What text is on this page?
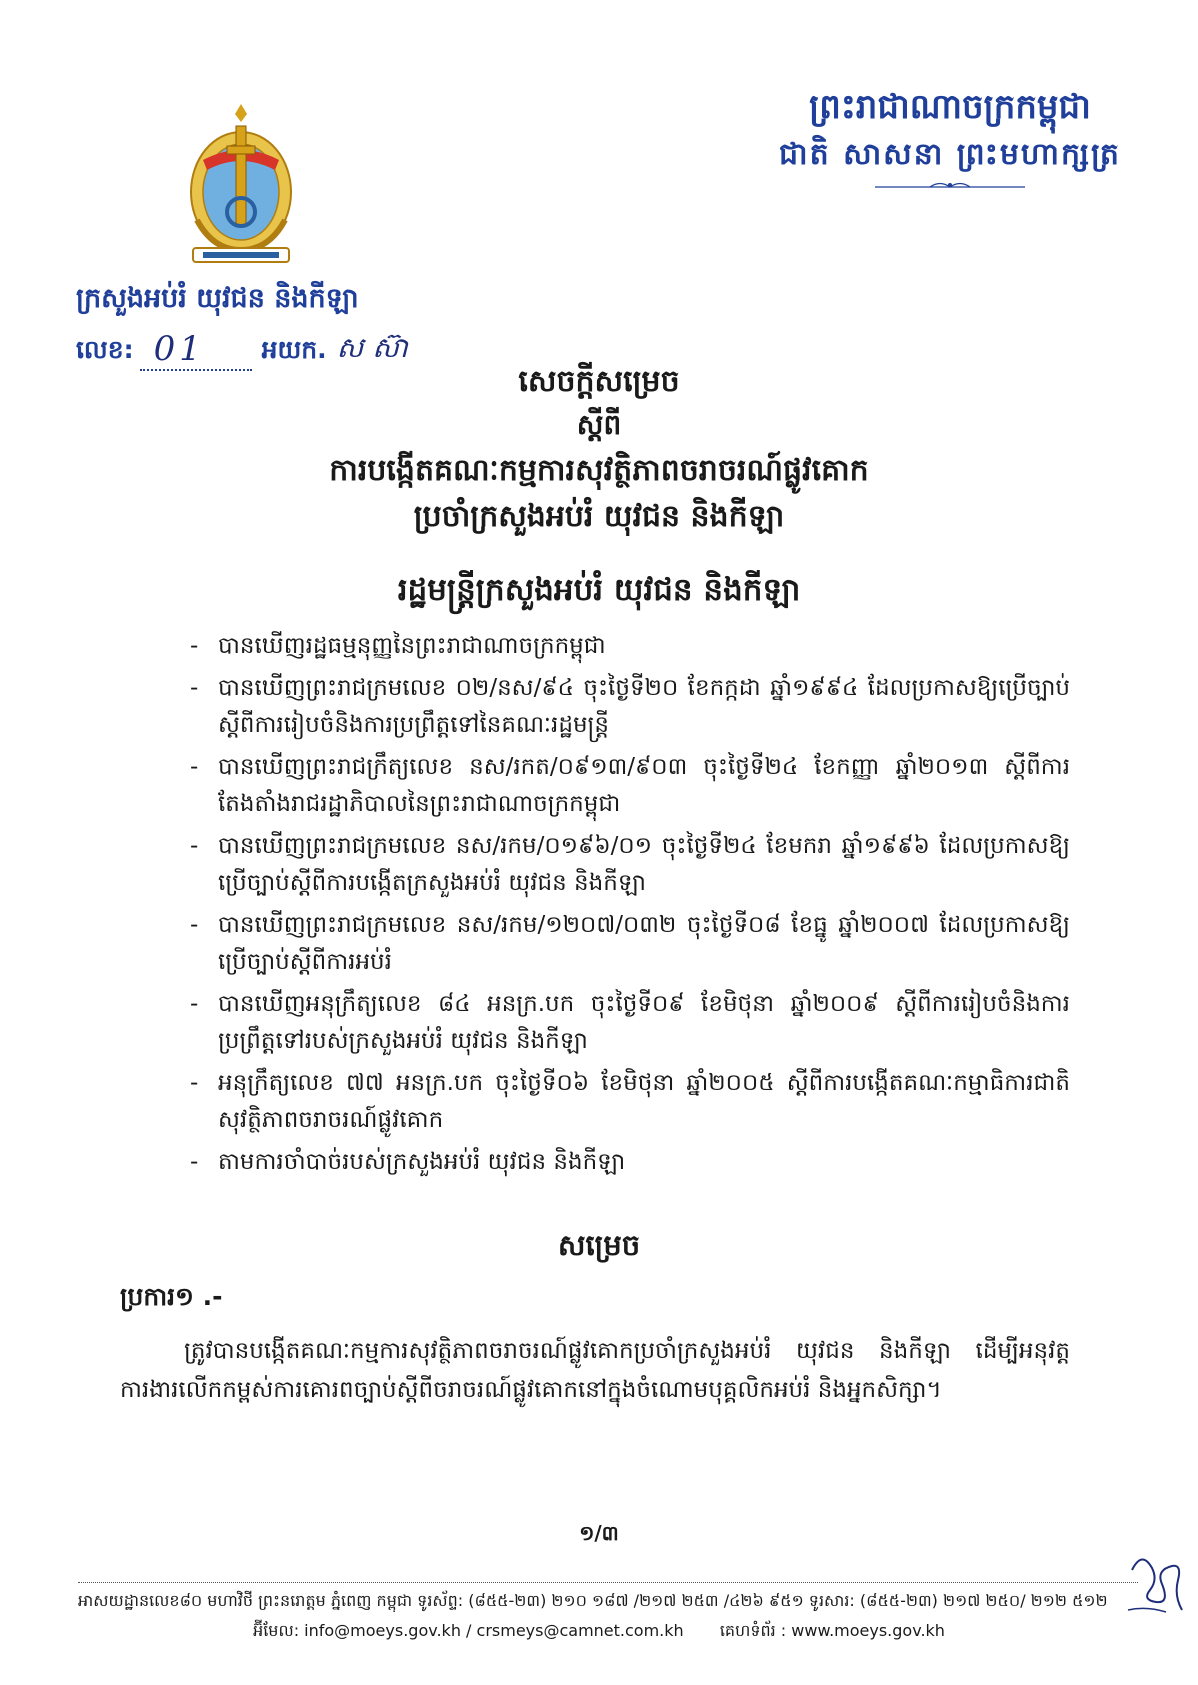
ព្រះរាជាណាចក្រកម្ពុជា
ជាតិ សាសនា ព្រះមហាក្សត្រ
ក្រសួងអប់រំ យុវជន និងកីឡា
លេខ: 01 អយក. ស ស៊ា
សេចក្តីសម្រេច
ស្តីពី
ការបង្កើតគណៈកម្មការសុវត្ថិភាពចរាចរណ៍ផ្លូវគោក
ប្រចាំក្រសួងអប់រំ យុវជន និងកីឡា
រដ្ឋមន្ត្រីក្រសួងអប់រំ យុវជន និងកីឡា
- បានឃើញរដ្ឋធម្មនុញ្ញនៃព្រះរាជាណាចក្រកម្ពុជា
- បានឃើញព្រះរាជក្រមលេខ ០២/នស/៩៤ ចុះថ្ងៃទី២០ ខែកក្កដា ឆ្នាំ១៩៩៤ ដែលប្រកាសឱ្យប្រើច្បាប់ស្តីពីការរៀបចំនិងការប្រព្រឹត្តទៅនៃគណៈរដ្ឋមន្ត្រី
- បានឃើញព្រះរាជក្រឹត្យលេខ នស/រកត/០៩១៣/៩០៣ ចុះថ្ងៃទី២៤ ខែកញ្ញា ឆ្នាំ២០១៣ ស្តីពីការតែងតាំងរាជរដ្ឋាភិបាលនៃព្រះរាជាណាចក្រកម្ពុជា
- បានឃើញព្រះរាជក្រមលេខ នស/រកម/០១៩៦/០១ ចុះថ្ងៃទី២៤ ខែមករា ឆ្នាំ១៩៩៦ ដែលប្រកាសឱ្យប្រើច្បាប់ស្តីពីការបង្កើតក្រសួងអប់រំ យុវជន និងកីឡា
- បានឃើញព្រះរាជក្រមលេខ នស/រកម/១២០៧/០៣២ ចុះថ្ងៃទី០៨ ខែធ្នូ ឆ្នាំ២០០៧ ដែលប្រកាសឱ្យប្រើច្បាប់ស្តីពីការអប់រំ
- បានឃើញអនុក្រឹត្យលេខ ៨៤ អនក្រ.បក ចុះថ្ងៃទី០៩ ខែមិថុនា ឆ្នាំ២០០៩ ស្តីពីការរៀបចំនិងការប្រព្រឹត្តទៅរបស់ក្រសួងអប់រំ យុវជន និងកីឡា
- អនុក្រឹត្យលេខ ៧៧ អនក្រ.បក ចុះថ្ងៃទី០៦ ខែមិថុនា ឆ្នាំ២០០៥ ស្តីពីការបង្កើតគណៈកម្មាធិការជាតិសុវត្ថិភាពចរាចរណ៍ផ្លូវគោក
- តាមការចាំបាច់របស់ក្រសួងអប់រំ យុវជន និងកីឡា
សម្រេច
ប្រការ១ .-
ត្រូវបានបង្កើតគណៈកម្មការសុវត្ថិភាពចរាចរណ៍ផ្លូវគោកប្រចាំក្រសួងអប់រំ យុវជន និងកីឡា ដើម្បីអនុវត្តការងារលើកកម្ពស់ការគោរពច្បាប់ស្តីពីចរាចរណ៍ផ្លូវគោកនៅក្នុងចំណោមបុគ្គលិកអប់រំ និងអ្នកសិក្សា។
១/៣
អាសយដ្ឋានលេខ៨០ មហាវិថី ព្រះនរោត្តម ភ្នំពេញ កម្ពុជា ទូរស័ព្ទ: (៨៥៥-២៣) ២១០ ១៨៧ /២១៧ ២៥៣ /៤២៦ ៩៥១ ទូរសារ: (៨៥៥-២៣) ២១៧ ២៥០/ ២១២ ៥១២
អ៊ីមែល: info@moeys.gov.kh / crsmeys@camnet.com.kh គេហទំព័រ : www.moeys.gov.kh
